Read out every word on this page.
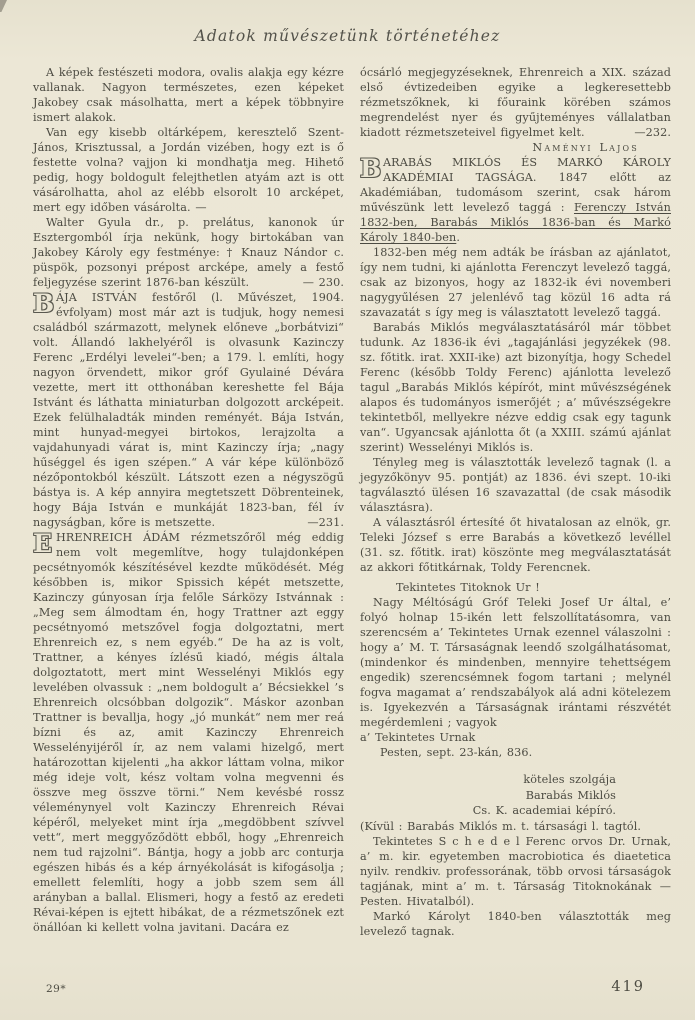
Adatok művészetünk történetéhez

A képek festészeti modora, ovalis alakja egy kézre vallanak. Nagyon természetes, ezen képeket Jakobey csak másolhatta, mert a képek többnyire ismert alakok.

Van egy kisebb oltárképem, keresztelő Szent-János, Krisztussal, a Jordán vizében, hogy ezt is ő festette volna? vajjon ki mondhatja meg. Hihető pedig, hogy boldogult felejthetlen atyám azt is ott vásárolhatta, ahol az elébb elsorolt 10 arcképet, mert egy időben vásárolta. —

Walter Gyula dr., p. prelátus, kanonok úr Esztergomból írja nekünk, hogy birtokában van Jakobey Károly egy festménye: † Knauz Nándor c. püspök, pozsonyi prépost arcképe, amely a festő feljegyzése szerint 1876-ban készült.	— 230.

BÁJA ISTVÁN festőről (l. Művészet, 1904. évfolyam) most már azt is tudjuk, hogy nemesi családból származott, melynek előneve „borbátvizi“ volt. Állandó lakhelyéről is olvasunk Kazinczy Ferenc „Erdélyi levelei“-ben; a 179. l. említi, hogy nagyon örvendett, mikor gróf Gyulainé Dévára vezette, mert itt otthonában kereshette fel Bája Istvánt és láthatta miniaturban dolgozott arcképeit. Ezek felülhaladták minden reményét. Bája István, mint hunyad-megyei birtokos, lerajzolta a vajdahunyadi várat is, mint Kazinczy írja; „nagy hűséggel és igen szépen.“ A vár képe különböző nézőpontokból készült. Látszott ezen a négyszögű bástya is. A kép annyira megtetszett Döbrenteinek, hogy Bája István e munkáját 1823-ban, fél ív nagyságban, kőre is metszette.	—231.

EHRENREICH ÁDÁM rézmetszőről még eddig nem volt megemlítve, hogy tulajdonképen pecsétnyomók készítésével kezdte működését. Még későbben is, mikor Spissich képét metszette, Kazinczy gúnyosan írja felőle Sárközy Istvánnak : „Meg sem álmodtam én, hogy Trattner azt eggy pecsétnyomó metszővel fogja dolgoztatni, mert Ehrenreich ez, s nem egyéb.“ De ha az is volt, Trattner, a kényes ízlésű kiadó, mégis általa dolgoztatott, mert mint Wesselényi Miklós egy levelében olvassuk : „nem boldogult a’ Bécsiekkel ’s Ehrenreich olcsóbban dolgozik“. Máskor azonban Trattner is bevallja, hogy „jó munkát“ nem mer reá bízni és az, amit Kazinczy Ehrenreich Wesselényijéről ír, az nem valami hizelgő, mert határozottan kijelenti „ha akkor láttam volna, mikor még ideje volt, kész voltam volna megvenni és összve meg összve törni.“ Nem kevésbé rossz véleménynyel volt Kazinczy Ehrenreich Révai képéről, melyeket mint írja „megdöbbent szívvel vett“, mert meggyőződött ebből, hogy „Ehrenreich nem tud rajzolni“. Bántja, hogy a jobb arc conturja egészen hibás és a kép árnyékolását is kifogásolja ; emellett felemlíti, hogy a jobb szem sem áll arányban a ballal. Elismeri, hogy a festő az eredeti Révai-képen is ejtett hibákat, de a rézmetszőnek ezt önállóan ki kellett volna javitani. Dacára ez

ócsárló megjegyzéseknek, Ehrenreich a XIX. század első évtizedeiben egyike a legkeresettebb rézmetszőknek, ki főuraink körében számos megrendelést nyer és gyűjteményes vállalatban kiadott rézmetszeteivel figyelmet kelt.	—232.

Naményi Lajos

BARABÁS MIKLÓS ÉS MARKÓ KÁROLY AKADÉMIAI TAGSÁGA. 1847 előtt az Akadémiában, tudomásom szerint, csak három művészünk lett levelező taggá : Ferenczy István 1832-ben, Barabás Miklós 1836-ban és Markó Károly 1840-ben.

1832-ben még nem adták be írásban az ajánlatot, így nem tudni, ki ajánlotta Ferenczyt levelező taggá, csak az bizonyos, hogy az 1832-ik évi novemberi nagygyűlésen 27 jelenlévő tag közül 16 adta rá szavazatát s így meg is választatott levelező taggá.

Barabás Miklós megválasztatásáról már többet tudunk. Az 1836-ik évi „tagajánlási jegyzékek (98. sz. főtitk. irat. XXII-ike) azt bizonyítja, hogy Schedel Ferenc (később Toldy Ferenc) ajánlotta levelező tagul „Barabás Miklós képírót, mint művészségének alapos és tudományos ismerőjét ; a’ művészségekre tekintetből, mellyekre nézve eddig csak egy tagunk van“. Ugyancsak ajánlotta őt (a XXIII. számú ajánlat szerint) Wesselényi Miklós is.

Tényleg meg is választották levelező tagnak (l. a jegyzőkönyv 95. pontját) az 1836. évi szept. 10-iki tagválasztó ülésen 16 szavazattal (de csak második választásra).

A választásról értesíté őt hivatalosan az elnök, gr. Teleki József s erre Barabás a következő levéllel (31. sz. főtitk. irat) köszönte meg megválasztatását az akkori főtitkárnak, Toldy Ferencnek.

Tekintetes Titoknok Ur !

Nagy Méltóságú Gróf Teleki Josef Ur által, e’ folyó holnap 15-ikén lett felszollítatásomra, van szerencsém a’ Tekintetes Urnak ezennel válaszolni : hogy a’ M. T. Társaságnak leendő szolgálhatásomat, (mindenkor és mindenben, mennyire tehettségem engedik) szerencsémnek fogom tartani ; melynél fogva magamat a’ rendszabályok alá adni kötelezem is. Igyekezvén a Társaságnak irántami részvétét megérdemleni ; vagyok

a’ Tekintetes Urnak

Pesten, sept. 23-kán, 836.

köteles szolgája
Barabás Miklós
Cs. K. academiai képíró.

(Kívül : Barabás Miklós m. t. társasági l. tagtól.

Tekintetes S c h e d e l Ferenc orvos Dr. Urnak, a’ m. kir. egyetemben macrobiotica és diaetetica nyilv. rendkiv. professorának, több orvosi társaságok tagjának, mint a’ m. t. Társaság Titoknokának — Pesten. Hivatalból).

Markó Károlyt 1840-ben választották meg levelező tagnak.

29*	419
